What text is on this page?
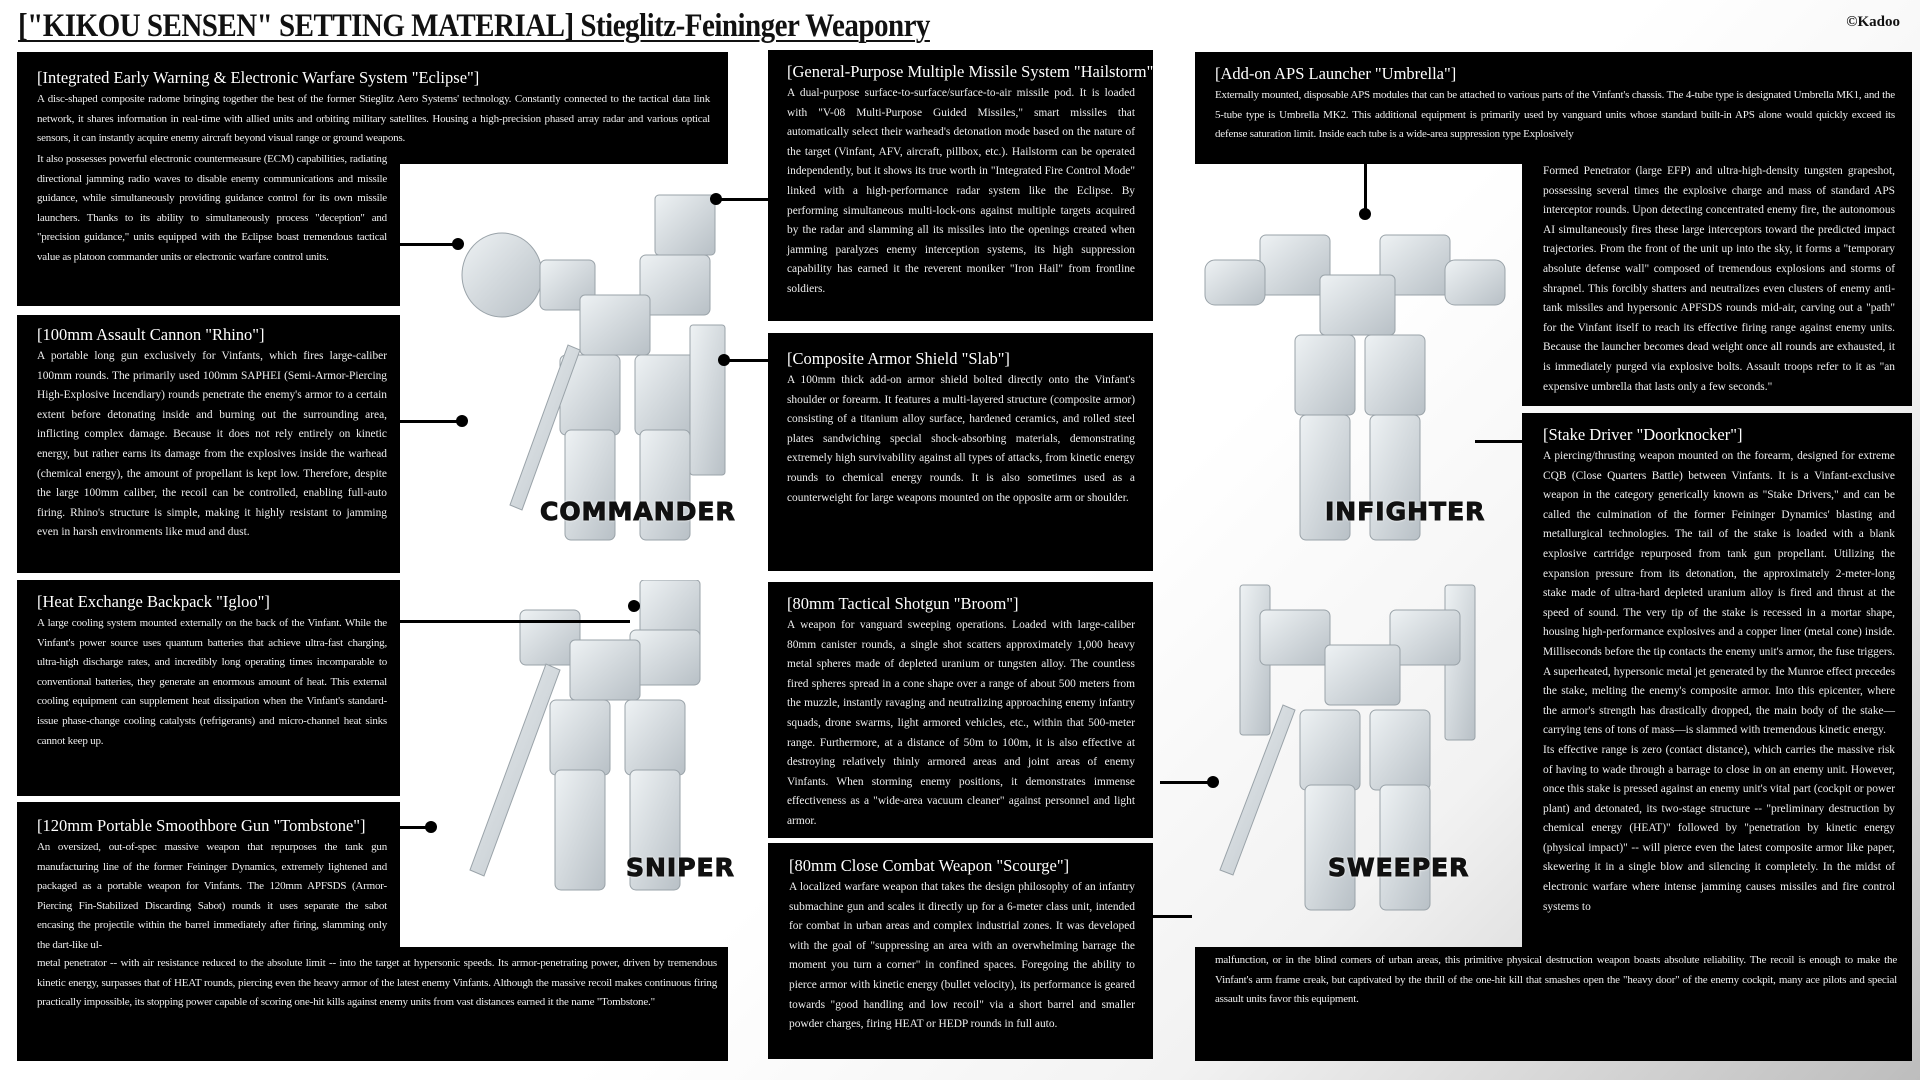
["KIKOU SENSEN" SETTING MATERIAL] Stieglitz-Feininger Weaponry	©Kadoo
COMMANDER
SNIPER
INFIGHTER
SWEEPER
[Integrated Early Warning & Electronic Warfare System "Eclipse"]

A disc-shaped composite radome bringing together the best of the former Stieglitz Aero Systems' technology. Constantly connected to the tactical data link network, it shares information in real-time with allied units and orbiting military satellites. Housing a high-precision phased array radar and various optical sensors, it can instantly acquire enemy aircraft beyond visual range or ground weapons.

It also possesses powerful electronic countermeasure (ECM) capabilities, radiating directional jamming radio waves to disable enemy communications and missile guidance, while simultaneously providing guidance control for its own missile launchers. Thanks to its ability to simultaneously process "deception" and "precision guidance," units equipped with the Eclipse boast tremendous tactical value as platoon commander units or electronic warfare control units.

[100mm Assault Cannon "Rhino"]

A portable long gun exclusively for Vinfants, which fires large-caliber 100mm rounds. The primarily used 100mm SAPHEI (Semi-Armor-Piercing High-Explosive Incendiary) rounds penetrate the enemy's armor to a certain extent before detonating inside and burning out the surrounding area, inflicting complex damage. Because it does not rely entirely on kinetic energy, but rather earns its damage from the explosives inside the warhead (chemical energy), the amount of propellant is kept low. Therefore, despite the large 100mm caliber, the recoil can be controlled, enabling full-auto firing. Rhino's structure is simple, making it highly resistant to jamming even in harsh environments like mud and dust.

[Heat Exchange Backpack "Igloo"]

A large cooling system mounted externally on the back of the Vinfant. While the Vinfant's power source uses quantum batteries that achieve ultra-fast charging, ultra-high discharge rates, and incredibly long operating times incomparable to conventional batteries, they generate an enormous amount of heat. This external cooling equipment can supplement heat dissipation when the Vinfant's standard-issue phase-change cooling catalysts (refrigerants) and micro-channel heat sinks cannot keep up.

[120mm Portable Smoothbore Gun "Tombstone"]

An oversized, out-of-spec massive weapon that repurposes the tank gun manufacturing line of the former Feininger Dynamics, extremely lightened and packaged as a portable weapon for Vinfants. The 120mm APFSDS (Armor-Piercing Fin-Stabilized Discarding Sabot) rounds it uses separate the sabot encasing the projectile within the barrel immediately after firing, slamming only the dart-like ul-

metal penetrator -- with air resistance reduced to the absolute limit -- into the target at hypersonic speeds. Its armor-penetrating power, driven by tremendous kinetic energy, surpasses that of HEAT rounds, piercing even the heavy armor of the latest enemy Vinfants. Although the massive recoil makes continuous firing practically impossible, its stopping power capable of scoring one-hit kills against enemy units from vast distances earned it the name "Tombstone."

[General-Purpose Multiple Missile System "Hailstorm"]

A dual-purpose surface-to-surface/surface-to-air missile pod. It is loaded with "V-08 Multi-Purpose Guided Missiles," smart missiles that automatically select their warhead's detonation mode based on the nature of the target (Vinfant, AFV, aircraft, pillbox, etc.). Hailstorm can be operated independently, but it shows its true worth in "Integrated Fire Control Mode" linked with a high-performance radar system like the Eclipse. By performing simultaneous multi-lock-ons against multiple targets acquired by the radar and slamming all its missiles into the openings created when jamming paralyzes enemy interception systems, its high suppression capability has earned it the reverent moniker "Iron Hail" from frontline soldiers.

[Composite Armor Shield "Slab"]

A 100mm thick add-on armor shield bolted directly onto the Vinfant's shoulder or forearm. It features a multi-layered structure (composite armor) consisting of a titanium alloy surface, hardened ceramics, and rolled steel plates sandwiching special shock-absorbing materials, demonstrating extremely high survivability against all types of attacks, from kinetic energy rounds to chemical energy rounds. It is also sometimes used as a counterweight for large weapons mounted on the opposite arm or shoulder.

[80mm Tactical Shotgun "Broom"]

A weapon for vanguard sweeping operations. Loaded with large-caliber 80mm canister rounds, a single shot scatters approximately 1,000 heavy metal spheres made of depleted uranium or tungsten alloy. The countless fired spheres spread in a cone shape over a range of about 500 meters from the muzzle, instantly ravaging and neutralizing approaching enemy infantry squads, drone swarms, light armored vehicles, etc., within that 500-meter range. Furthermore, at a distance of 50m to 100m, it is also effective at destroying relatively thinly armored areas and joint areas of enemy Vinfants. When storming enemy positions, it demonstrates immense effectiveness as a "wide-area vacuum cleaner" against personnel and light armor.

[80mm Close Combat Weapon "Scourge"]

A localized warfare weapon that takes the design philosophy of an infantry submachine gun and scales it directly up for a 6-meter class unit, intended for combat in urban areas and complex industrial zones. It was developed with the goal of "suppressing an area with an overwhelming barrage the moment you turn a corner" in confined spaces. Foregoing the ability to pierce armor with kinetic energy (bullet velocity), its performance is geared towards "good handling and low recoil" via a short barrel and smaller powder charges, firing HEAT or HEDP rounds in full auto.

[Add-on APS Launcher "Umbrella"]

Externally mounted, disposable APS modules that can be attached to various parts of the Vinfant's chassis. The 4-tube type is designated Umbrella MK1, and the 5-tube type is Umbrella MK2. This additional equipment is primarily used by vanguard units whose standard built-in APS alone would quickly exceed its defense saturation limit. Inside each tube is a wide-area suppression type Explosively

Formed Penetrator (large EFP) and ultra-high-density tungsten grapeshot, possessing several times the explosive charge and mass of standard APS interceptor rounds. Upon detecting concentrated enemy fire, the autonomous AI simultaneously fires these large interceptors toward the predicted impact trajectories. From the front of the unit up into the sky, it forms a "temporary absolute defense wall" composed of tremendous explosions and storms of shrapnel. This forcibly shatters and neutralizes even clusters of enemy anti-tank missiles and hypersonic APFSDS rounds mid-air, carving out a "path" for the Vinfant itself to reach its effective firing range against enemy units. Because the launcher becomes dead weight once all rounds are exhausted, it is immediately purged via explosive bolts. Assault troops refer to it as "an expensive umbrella that lasts only a few seconds."

[Stake Driver "Doorknocker"]

A piercing/thrusting weapon mounted on the forearm, designed for extreme CQB (Close Quarters Battle) between Vinfants. It is a Vinfant-exclusive weapon in the category generically known as "Stake Drivers," and can be called the culmination of the former Feininger Dynamics' blasting and metallurgical technologies. The tail of the stake is loaded with a blank explosive cartridge repurposed from tank gun propellant. Utilizing the expansion pressure from its detonation, the approximately 2-meter-long stake made of ultra-hard depleted uranium alloy is fired and thrust at the speed of sound. The very tip of the stake is recessed in a mortar shape, housing high-performance explosives and a copper liner (metal cone) inside. Milliseconds before the tip contacts the enemy unit's armor, the fuse triggers. A superheated, hypersonic metal jet generated by the Munroe effect precedes the stake, melting the enemy's composite armor. Into this epicenter, where the armor's strength has drastically dropped, the main body of the stake—carrying tens of tons of mass—is slammed with tremendous kinetic energy.

Its effective range is zero (contact distance), which carries the massive risk of having to wade through a barrage to close in on an enemy unit. However, once this stake is pressed against an enemy unit's vital part (cockpit or power plant) and detonated, its two-stage structure -- "preliminary destruction by chemical energy (HEAT)" followed by "penetration by kinetic energy (physical impact)" -- will pierce even the latest composite armor like paper, skewering it in a single blow and silencing it completely. In the midst of electronic warfare where intense jamming causes missiles and fire control systems to

malfunction, or in the blind corners of urban areas, this primitive physical destruction weapon boasts absolute reliability. The recoil is enough to make the Vinfant's arm frame creak, but captivated by the thrill of the one-hit kill that smashes open the "heavy door" of the enemy cockpit, many ace pilots and special assault units favor this equipment.
